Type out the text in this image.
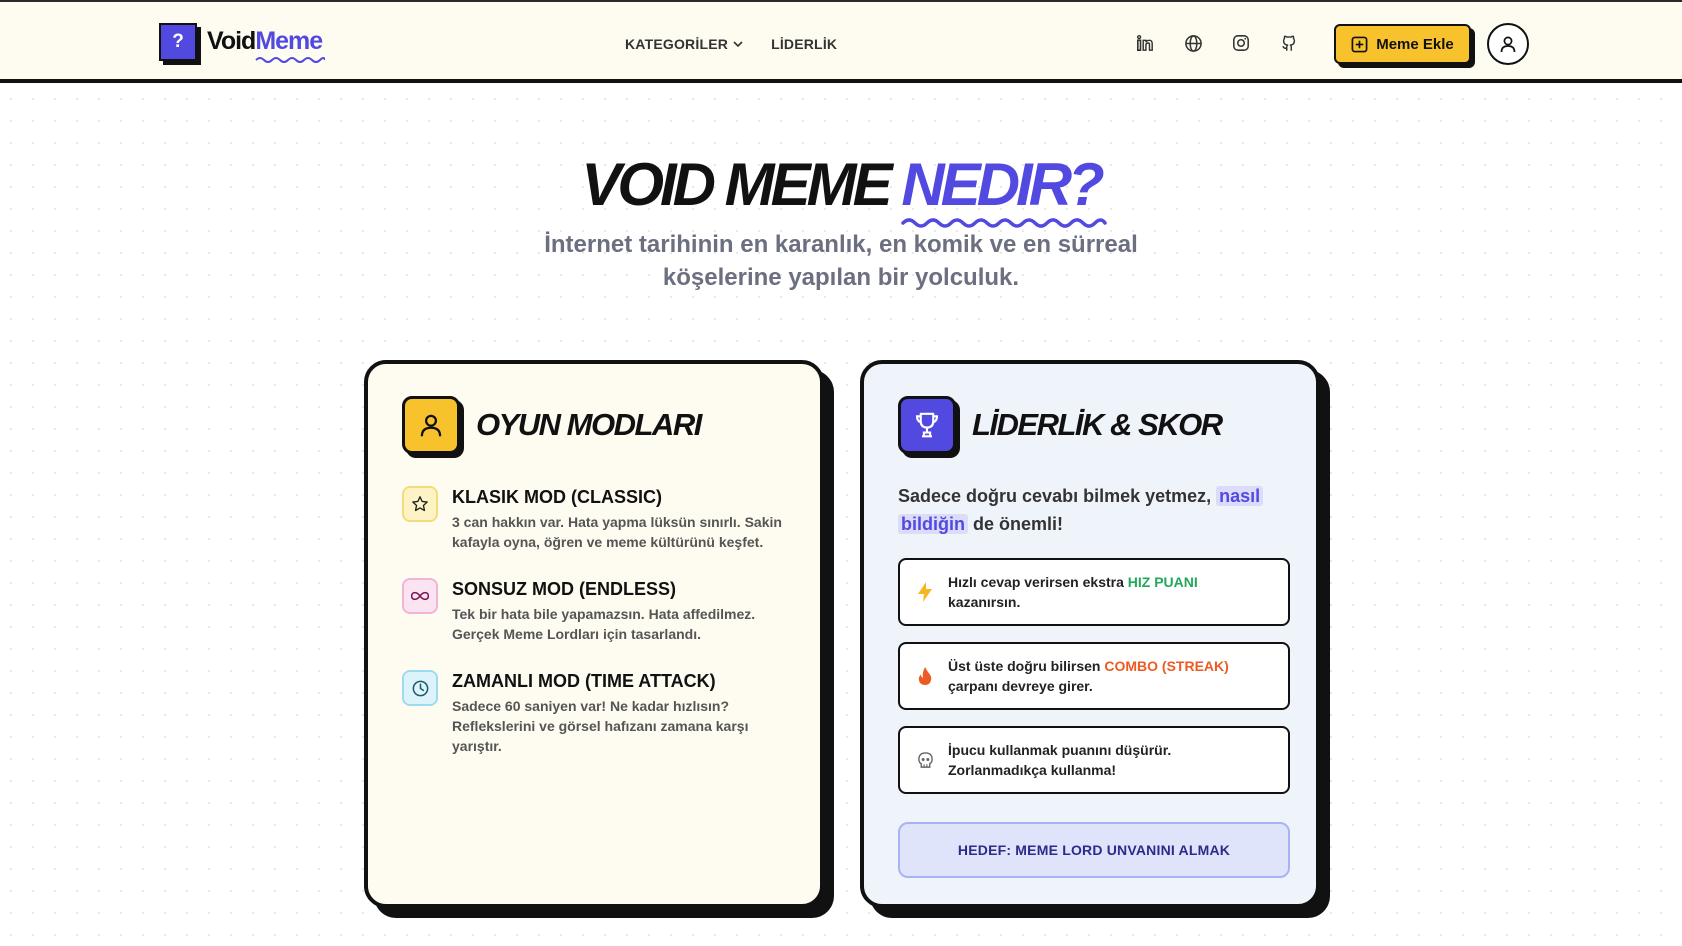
? VoidMeme	KATEGORİLER	LİDERLİK	Meme Ekle
VOID MEME NEDIR?
İnternet tarihinin en karanlık, en komik ve en sürreal
köşelerine yapılan bir yolculuk.
OYUN MODLARI
KLASIK MOD (CLASSIC)
3 can hakkın var. Hata yapma lüksün sınırlı. Sakin kafayla oyna, öğren ve meme kültürünü keşfet.
SONSUZ MOD (ENDLESS)
Tek bir hata bile yapamazsın. Hata affedilmez. Gerçek Meme Lordları için tasarlandı.
ZAMANLI MOD (TIME ATTACK)
Sadece 60 saniyen var! Ne kadar hızlısın? Reflekslerini ve görsel hafızanı zamana karşı yarıştır.
LİDERLİK & SKOR
Sadece doğru cevabı bilmek yetmez, nasıl
bildiğin de önemli!
Hızlı cevap verirsen ekstra HIZ PUANI
kazanırsın.
Üst üste doğru bilirsen COMBO (STREAK)
çarpanı devreye girer.
İpucu kullanmak puanını düşürür.
Zorlanmadıkça kullanma!
HEDEF: MEME LORD UNVANINI ALMAK
